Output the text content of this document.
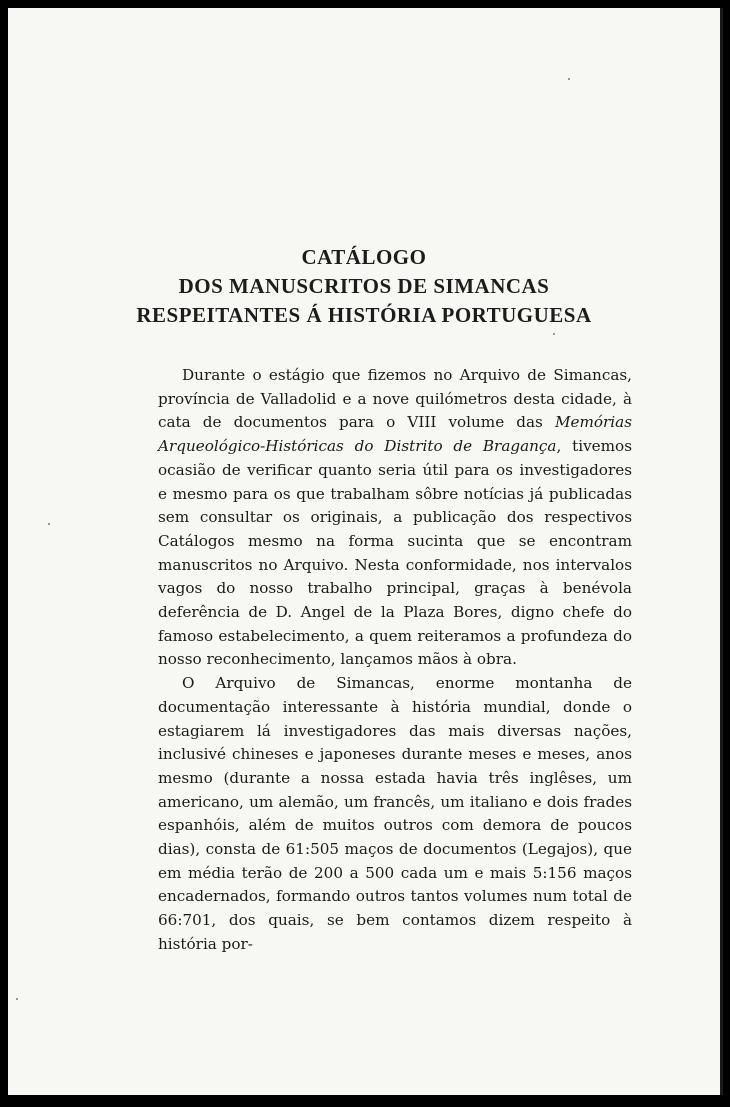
CATÁLOGO
DOS MANUSCRITOS DE SIMANCAS
RESPEITANTES Á HISTÓRIA PORTUGUESA

Durante o estágio que fizemos no Arquivo de Simancas, província de Valladolid e a nove quilómetros desta cidade, à cata de documentos para o VIII volume das Memórias Arqueológico-Históricas do Distrito de Bragança, tivemos ocasião de verificar quanto seria útil para os investigadores e mesmo para os que trabalham sôbre notícias já publicadas sem consultar os originais, a publicação dos respectivos Catálogos mesmo na forma sucinta que se encontram manuscritos no Arquivo. Nesta conformidade, nos intervalos vagos do nosso trabalho principal, graças à benévola deferência de D. Angel de la Plaza Bores, digno chefe do famoso estabelecimento, a quem reiteramos a profundeza do nosso reconhecimento, lançamos mãos à obra.

O Arquivo de Simancas, enorme montanha de documentação interessante à história mundial, donde o estagiarem lá investigadores das mais diversas nações, inclusivé chineses e japoneses durante meses e meses, anos mesmo (durante a nossa estada havia três inglêses, um americano, um alemão, um francês, um italiano e dois frades espanhóis, além de muitos outros com demora de poucos dias), consta de 61:505 maços de documentos (Legajos), que em média terão de 200 a 500 cada um e mais 5:156 maços encadernados, formando outros tantos volumes num total de 66:701, dos quais, se bem contamos dizem respeito à história por-
